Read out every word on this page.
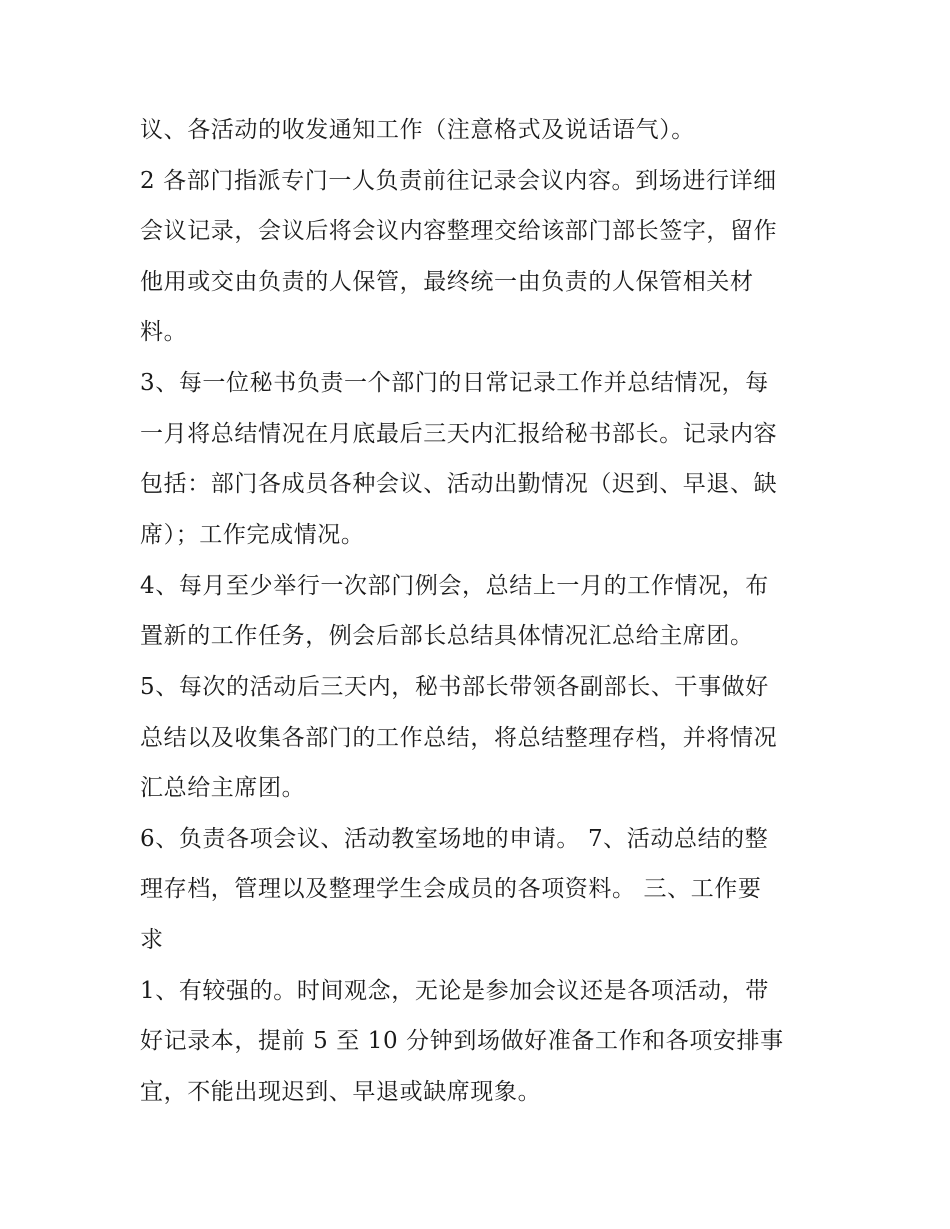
议、各活动的收发通知工作（注意格式及说话语气）。

2 各部门指派专门一人负责前往记录会议内容。到场进行详细

会议记录，会议后将会议内容整理交给该部门部长签字，留作

他用或交由负责的人保管，最终统一由负责的人保管相关材

料。

3、每一位秘书负责一个部门的日常记录工作并总结情况，每

一月将总结情况在月底最后三天内汇报给秘书部长。记录内容

包括：部门各成员各种会议、活动出勤情况（迟到、早退、缺

席）；工作完成情况。

4、每月至少举行一次部门例会，总结上一月的工作情况，布

置新的工作任务，例会后部长总结具体情况汇总给主席团。

5、每次的活动后三天内，秘书部长带领各副部长、干事做好

总结以及收集各部门的工作总结，将总结整理存档，并将情况

汇总给主席团。

6、负责各项会议、活动教室场地的申请。 7、活动总结的整

理存档，管理以及整理学生会成员的各项资料。 三、工作要

求

1、有较强的。时间观念，无论是参加会议还是各项活动，带

好记录本，提前 5 至 10 分钟到场做好准备工作和各项安排事

宜，不能出现迟到、早退或缺席现象。
